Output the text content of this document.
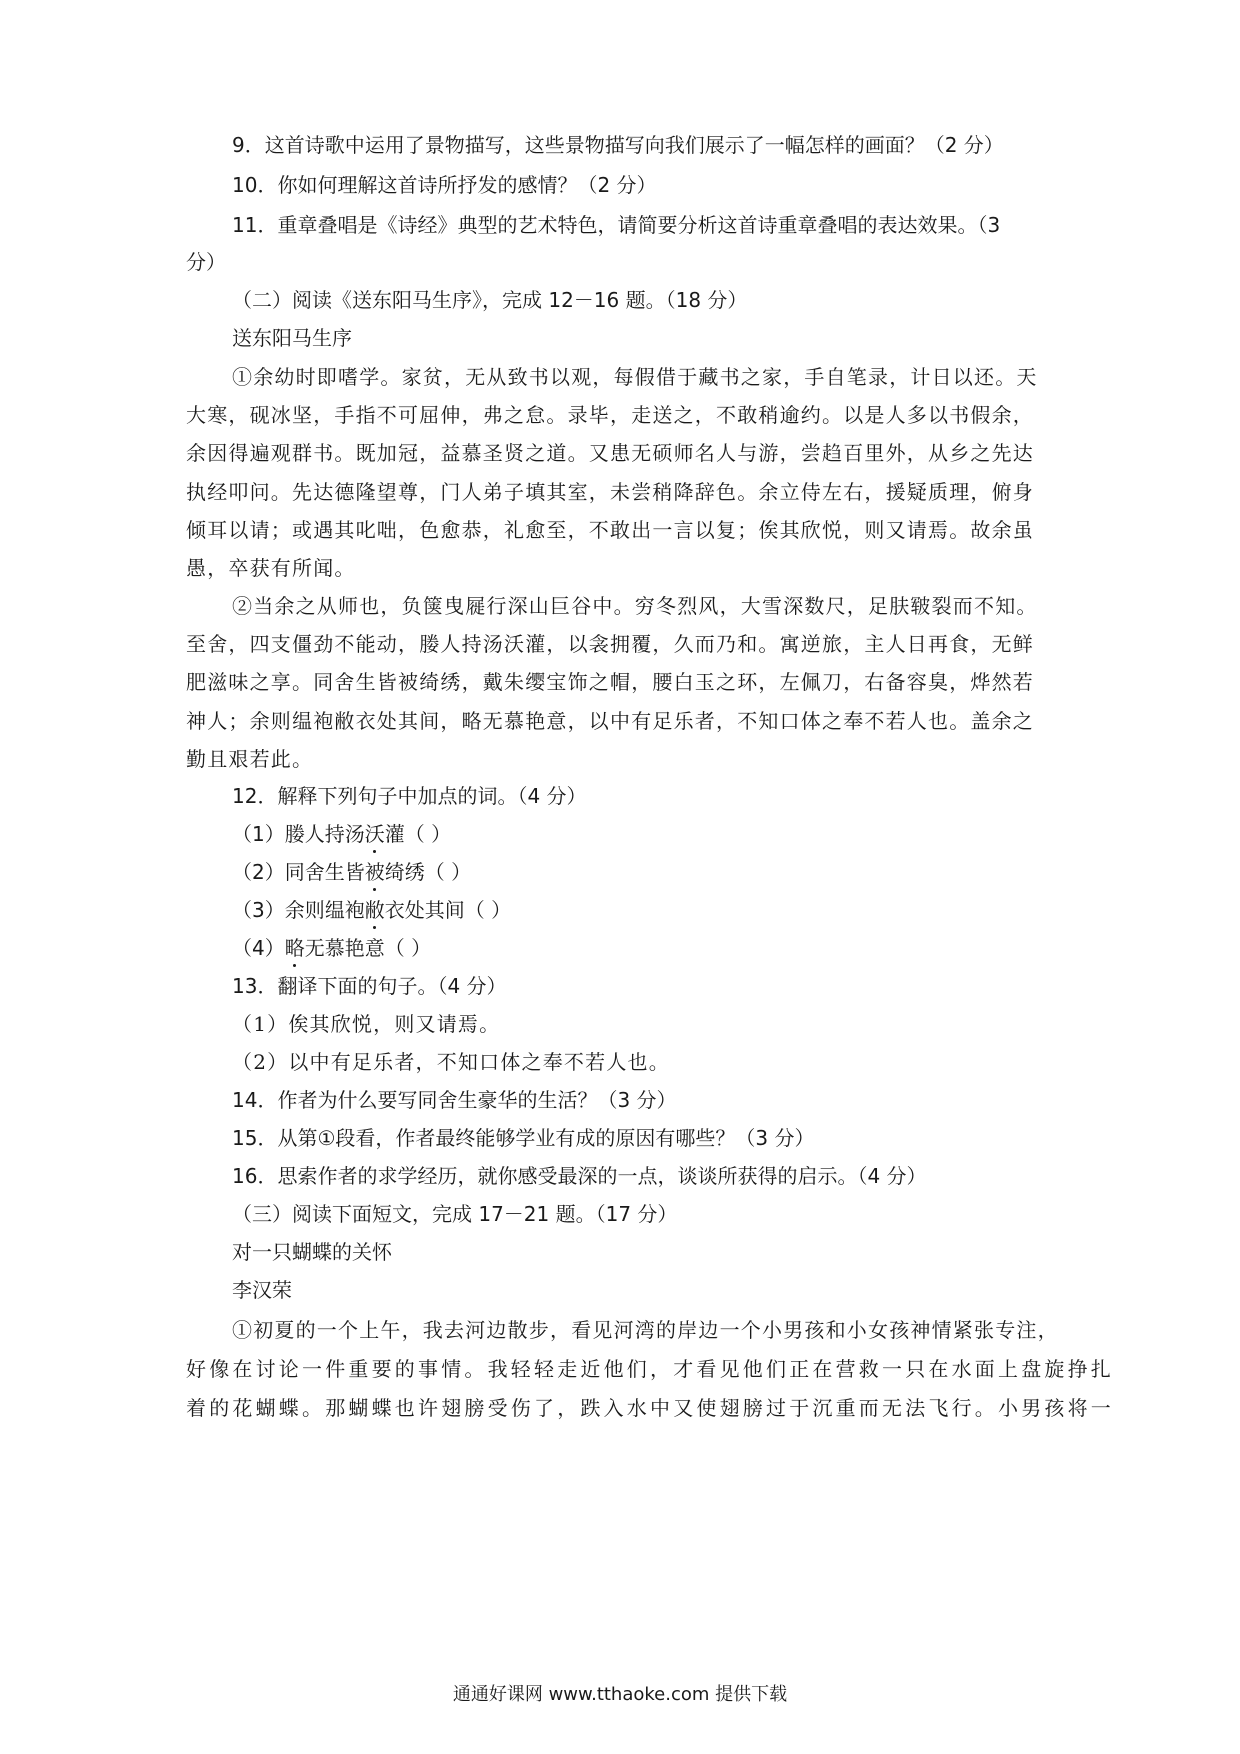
9．这首诗歌中运用了景物描写，这些景物描写向我们展示了一幅怎样的画面？（2 分）
10．你如何理解这首诗所抒发的感情？（2 分）
11．重章叠唱是《诗经》典型的艺术特色，请简要分析这首诗重章叠唱的表达效果。（3
分）
（二）阅读《送东阳马生序》，完成 12－16 题。（18 分）
送东阳马生序
①余幼时即嗜学。家贫，无从致书以观，每假借于藏书之家，手自笔录，计日以还。天
大寒，砚冰坚，手指不可屈伸，弗之怠。录毕，走送之，不敢稍逾约。以是人多以书假余，
余因得遍观群书。既加冠，益慕圣贤之道。又患无硕师名人与游，尝趋百里外，从乡之先达
执经叩问。先达德隆望尊，门人弟子填其室，未尝稍降辞色。余立侍左右，援疑质理，俯身
倾耳以请；或遇其叱咄，色愈恭，礼愈至，不敢出一言以复；俟其欣悦，则又请焉。故余虽
愚，卒获有所闻。
②当余之从师也，负箧曳屣行深山巨谷中。穷冬烈风，大雪深数尺，足肤皲裂而不知。
至舍，四支僵劲不能动，媵人持汤沃灌，以衾拥覆，久而乃和。寓逆旅，主人日再食，无鲜
肥滋味之享。同舍生皆被绮绣，戴朱缨宝饰之帽，腰白玉之环，左佩刀，右备容臭，烨然若
神人；余则缊袍敝衣处其间，略无慕艳意，以中有足乐者，不知口体之奉不若人也。盖余之
勤且艰若此。
12．解释下列句子中加点的词。（4 分）
（1）媵人持汤沃灌（ ）
（2）同舍生皆被绮绣（ ）
（3）余则缊袍敝衣处其间（ ）
（4）略无慕艳意（ ）
13．翻译下面的句子。（4 分）
（1）俟其欣悦，则又请焉。
（2）以中有足乐者，不知口体之奉不若人也。
14．作者为什么要写同舍生豪华的生活？（3 分）
15．从第①段看，作者最终能够学业有成的原因有哪些？（3 分）
16．思索作者的求学经历，就你感受最深的一点，谈谈所获得的启示。（4 分）
（三）阅读下面短文，完成 17－21 题。（17 分）
对一只蝴蝶的关怀
李汉荣
①初夏的一个上午，我去河边散步，看见河湾的岸边一个小男孩和小女孩神情紧张专注，
好像在讨论一件重要的事情。我轻轻走近他们，才看见他们正在营救一只在水面上盘旋挣扎
着的花蝴蝶。那蝴蝶也许翅膀受伤了，跌入水中又使翅膀过于沉重而无法飞行。小男孩将一
通通好课网 www.tthaoke.com 提供下载
